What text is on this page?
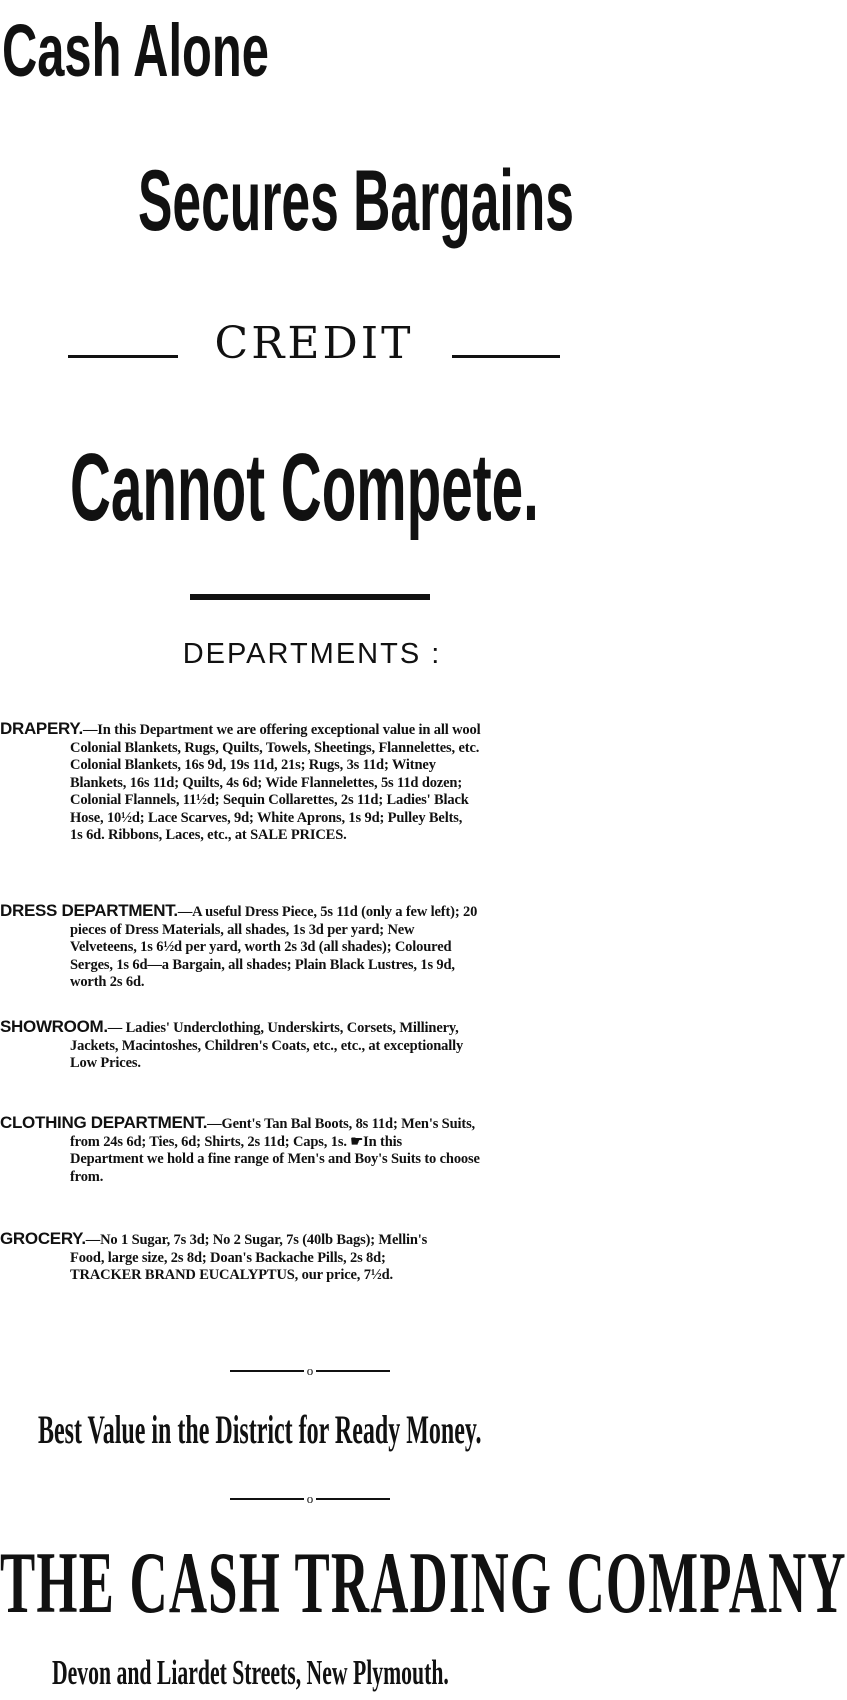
Cash Alone
Secures Bargains
CREDIT
Cannot Compete.
DEPARTMENTS :
DRAPERY.—In this Department we are offering exceptional value in all wool
Colonial Blankets, Rugs, Quilts, Towels, Sheetings, Flannelettes, etc.
Colonial Blankets, 16s 9d, 19s 11d, 21s; Rugs, 3s 11d; Witney
Blankets, 16s 11d; Quilts, 4s 6d; Wide Flannelettes, 5s 11d dozen;
Colonial Flannels, 11½d; Sequin Collarettes, 2s 11d; Ladies' Black
Hose, 10½d; Lace Scarves, 9d; White Aprons, 1s 9d; Pulley Belts,
1s 6d. Ribbons, Laces, etc., at SALE PRICES.
DRESS DEPARTMENT.—A useful Dress Piece, 5s 11d (only a few left); 20
pieces of Dress Materials, all shades, 1s 3d per yard; New
Velveteens, 1s 6½d per yard, worth 2s 3d (all shades); Coloured
Serges, 1s 6d—a Bargain, all shades; Plain Black Lustres, 1s 9d,
worth 2s 6d.
SHOWROOM.— Ladies' Underclothing, Underskirts, Corsets, Millinery,
Jackets, Macintoshes, Children's Coats, etc., etc., at exceptionally
Low Prices.
CLOTHING DEPARTMENT.—Gent's Tan Bal Boots, 8s 11d; Men's Suits,
from 24s 6d; Ties, 6d; Shirts, 2s 11d; Caps, 1s. ☛In this
Department we hold a fine range of Men's and Boy's Suits to choose
from.
GROCERY.—No 1 Sugar, 7s 3d; No 2 Sugar, 7s (40lb Bags); Mellin's
Food, large size, 2s 8d; Doan's Backache Pills, 2s 8d;
TRACKER BRAND EUCALYPTUS, our price, 7½d.
o
Best Value in the District for Ready Money.
o
THE CASH TRADING COMPANY
Devon and Liardet Streets, New Plymouth.
